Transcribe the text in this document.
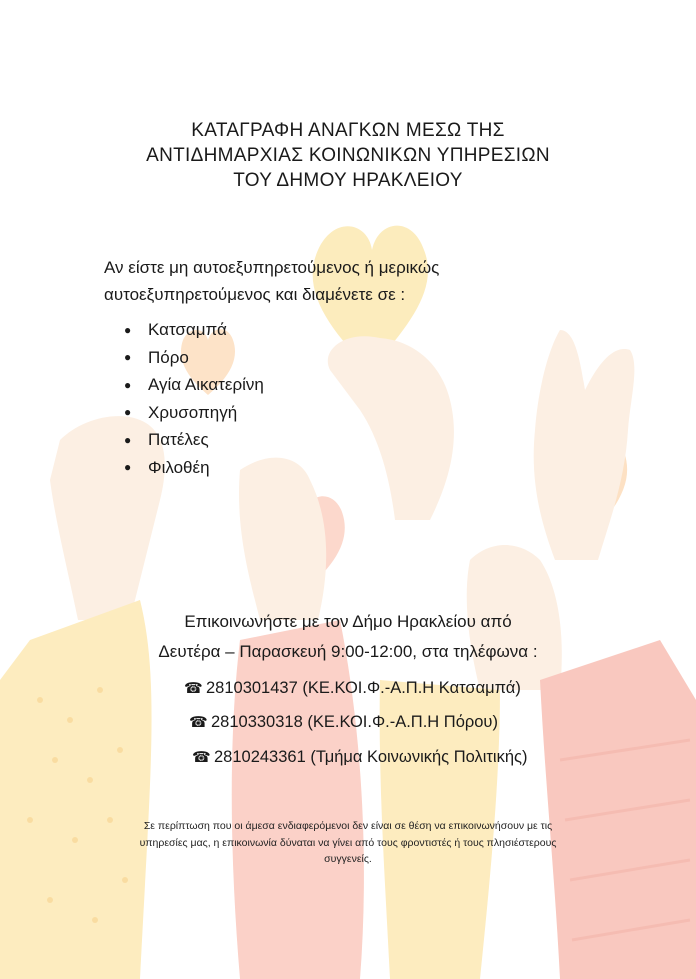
ΚΑΤΑΓΡΑΦΗ ΑΝΑΓΚΩΝ ΜΕΣΩ ΤΗΣ
ΑΝΤΙΔΗΜΑΡΧΙΑΣ ΚΟΙΝΩΝΙΚΩΝ ΥΠΗΡΕΣΙΩΝ
ΤΟΥ ΔΗΜΟΥ ΗΡΑΚΛΕΙΟΥ
Αν είστε μη αυτοεξυπηρετούμενος ή μερικώς
αυτοεξυπηρετούμενος και διαμένετε σε :
● Κατσαμπά
● Πόρο
● Αγία Αικατερίνη
● Χρυσοπηγή
● Πατέλες
● Φιλοθέη
Επικοινωνήστε με τον Δήμο Ηρακλείου από
Δευτέρα – Παρασκευή 9:00-12:00, στα τηλέφωνα :
☎ 2810301437 (ΚΕ.ΚΟΙ.Φ.-Α.Π.Η Κατσαμπά)
☎ 2810330318 (ΚΕ.ΚΟΙ.Φ.-Α.Π.Η Πόρου)
☎ 2810243361 (Τμήμα Κοινωνικής Πολιτικής)
Σε περίπτωση που οι άμεσα ενδιαφερόμενοι δεν είναι σε θέση να επικοινωνήσουν με τις
υπηρεσίες μας, η επικοινωνία δύναται να γίνει από τους φροντιστές ή τους πλησιέστερους
συγγενείς.
